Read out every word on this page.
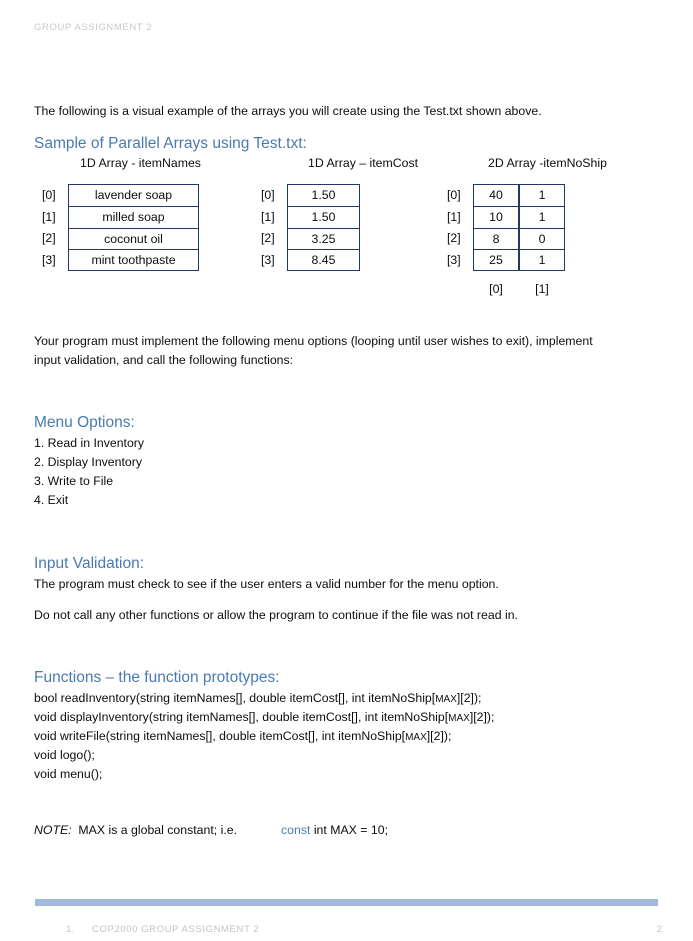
GROUP ASSIGNMENT 2
The following is a visual example of the arrays you will create using the Test.txt shown above.
Sample of Parallel Arrays using Test.txt:
1D Array - itemNames	1D Array – itemCost	2D Array -itemNoShip
[0]	lavender soap
[1]	milled soap
[2]	coconut oil
[3]	mint toothpaste
[0]	1.50
[1]	1.50
[2]	3.25
[3]	8.45
[0]	40	1
[1]	10	1
[2]	8	0
[3]	25	1
[0]	[1]
Your program must implement the following menu options (looping until user wishes to exit), implement input validation, and call the following functions:
Menu Options:
1. Read in Inventory
2. Display Inventory
3. Write to File
4. Exit
Input Validation:
The program must check to see if the user enters a valid number for the menu option.
Do not call any other functions or allow the program to continue if the file was not read in.
Functions – the function prototypes:
bool readInventory(string itemNames[], double itemCost[], int itemNoShip[MAX][2]);
void displayInventory(string itemNames[], double itemCost[], int itemNoShip[MAX][2]);
void writeFile(string itemNames[], double itemCost[], int itemNoShip[MAX][2]);
void logo();
void menu();
NOTE: MAX is a global constant; i.e.	const int MAX = 10;
1. COP2000 GROUP ASSIGNMENT 2	2
